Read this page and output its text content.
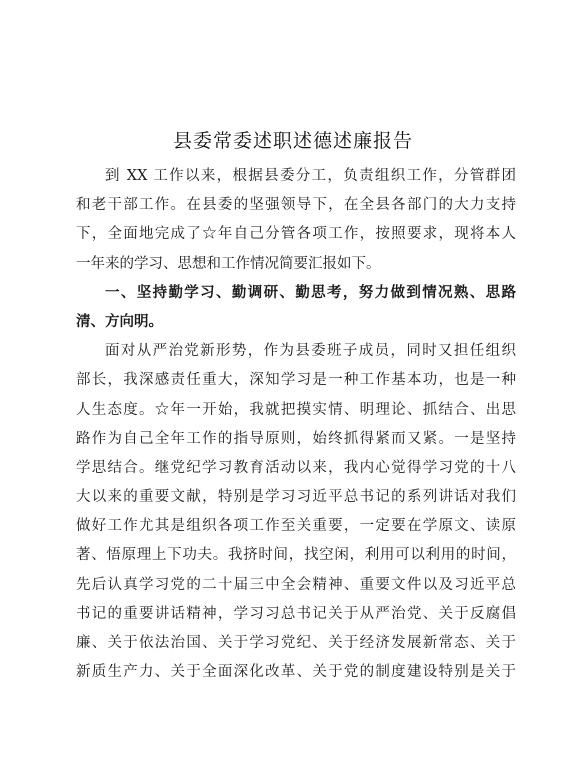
县委常委述职述德述廉报告
到 XX 工作以来，根据县委分工，负责组织工作，分管群团
和老干部工作。在县委的坚强领导下，在全县各部门的大力支持
下，全面地完成了☆年自己分管各项工作，按照要求，现将本人
一年来的学习、思想和工作情况简要汇报如下。
一、坚持勤学习、勤调研、勤思考，努力做到情况熟、思路
清、方向明。
面对从严治党新形势，作为县委班子成员，同时又担任组织
部长，我深感责任重大，深知学习是一种工作基本功，也是一种
人生态度。☆年一开始，我就把摸实情、明理论、抓结合、出思
路作为自己全年工作的指导原则，始终抓得紧而又紧。一是坚持
学思结合。继党纪学习教育活动以来，我内心觉得学习党的十八
大以来的重要文献，特别是学习习近平总书记的系列讲话对我们
做好工作尤其是组织各项工作至关重要，一定要在学原文、读原
著、悟原理上下功夫。我挤时间，找空闲，利用可以利用的时间，
先后认真学习党的二十届三中全会精神、重要文件以及习近平总
书记的重要讲话精神，学习习总书记关于从严治党、关于反腐倡
廉、关于依法治国、关于学习党纪、关于经济发展新常态、关于
新质生产力、关于全面深化改革、关于党的制度建设特别是关于
